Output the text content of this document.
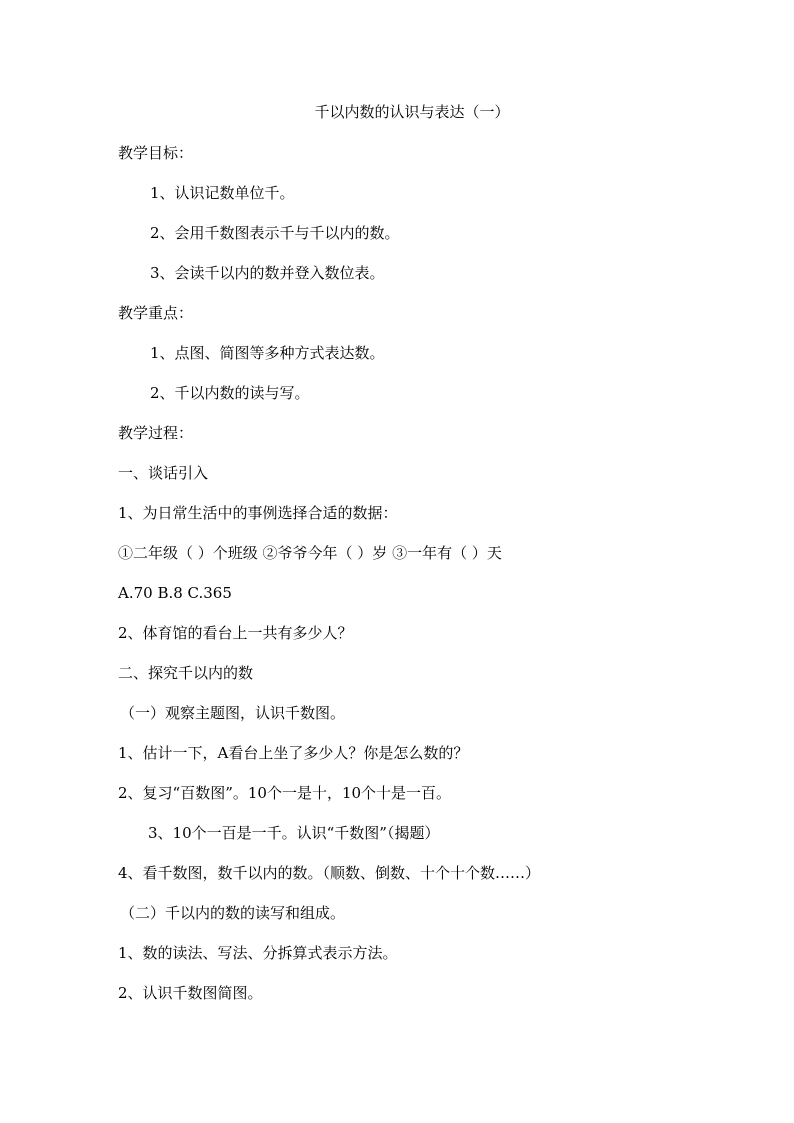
千以内数的认识与表达（一）
教学目标：
1、认识记数单位千。
2、会用千数图表示千与千以内的数。
3、会读千以内的数并登入数位表。
教学重点：
1、点图、简图等多种方式表达数。
2、千以内数的读与写。
教学过程：
一、谈话引入
1、为日常生活中的事例选择合适的数据：
①二年级（ ）个班级 ②爷爷今年（ ）岁 ③一年有（ ）天
A.70 B.8 C.365
2、体育馆的看台上一共有多少人？
二、探究千以内的数
（一）观察主题图，认识千数图。
1、估计一下，A看台上坐了多少人？你是怎么数的？
2、复习“百数图”。10个一是十，10个十是一百。
3、10个一百是一千。认识“千数图”（揭题）
4、看千数图，数千以内的数。（顺数、倒数、十个十个数……）
（二）千以内的数的读写和组成。
1、数的读法、写法、分拆算式表示方法。
2、认识千数图简图。
